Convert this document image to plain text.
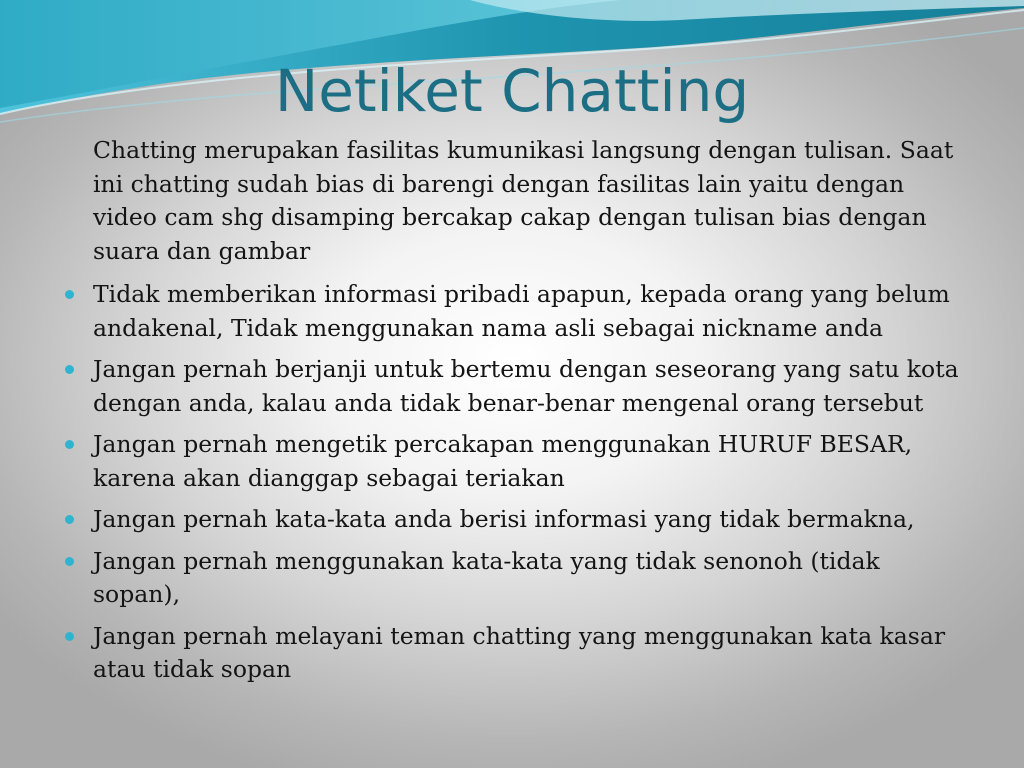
Netiket Chatting

Chatting merupakan fasilitas kumunikasi langsung dengan tulisan. Saat ini chatting sudah bias di barengi dengan fasilitas lain yaitu dengan video cam shg disamping bercakap cakap dengan tulisan bias dengan suara dan gambar

Tidak memberikan informasi pribadi apapun, kepada orang yang belum andakenal, Tidak menggunakan nama asli sebagai nickname anda

Jangan pernah berjanji untuk bertemu dengan seseorang yang satu kota dengan anda, kalau anda tidak benar-benar mengenal orang tersebut

Jangan pernah mengetik percakapan menggunakan HURUF BESAR, karena akan dianggap sebagai teriakan

Jangan pernah kata-kata anda berisi informasi yang tidak bermakna,

Jangan pernah menggunakan kata-kata yang tidak senonoh (tidak sopan),

Jangan pernah melayani teman chatting yang menggunakan kata kasar atau tidak sopan
